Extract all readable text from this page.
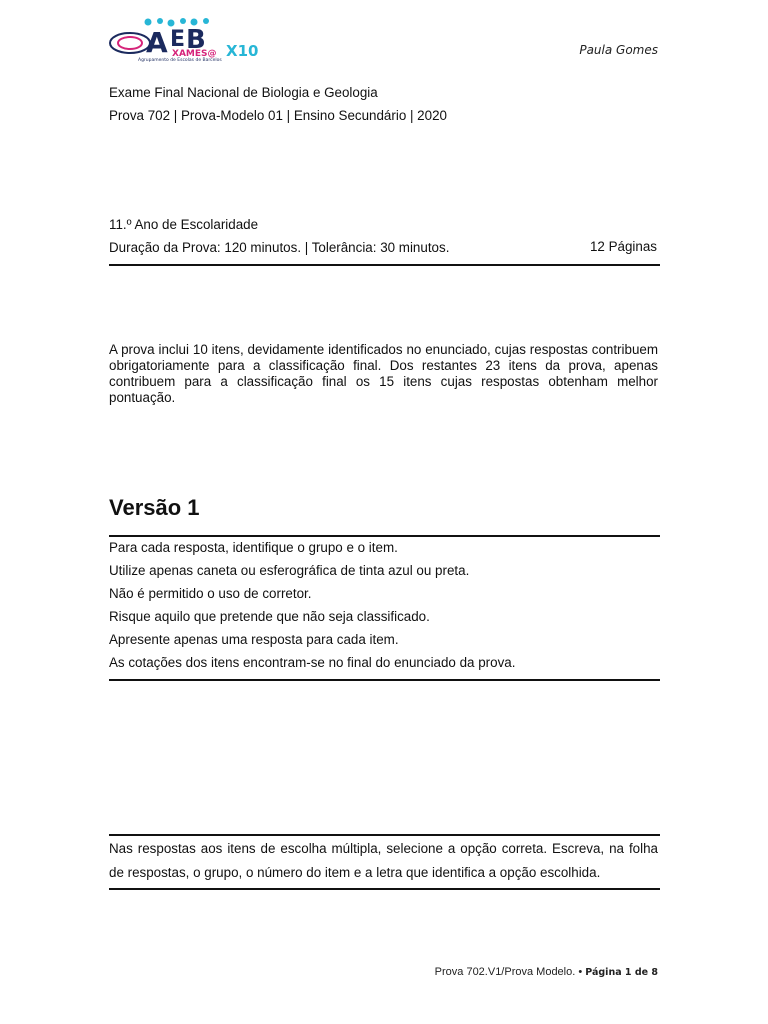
A E B
XAMES@ X10
Agrupamento de Escolas de Barcelos
Paula Gomes
Exame Final Nacional de Biologia e Geologia
Prova 702 | Prova-Modelo 01 | Ensino Secundário | 2020
11.º Ano de Escolaridade
Duração da Prova: 120 minutos. | Tolerância: 30 minutos.	12 Páginas
A prova inclui 10 itens, devidamente identificados no enunciado, cujas respostas contribuem obrigatoriamente para a classificação final. Dos restantes 23 itens da prova, apenas contribuem para a classificação final os 15 itens cujas respostas obtenham melhor pontuação.
Versão 1
Para cada resposta, identifique o grupo e o item.
Utilize apenas caneta ou esferográfica de tinta azul ou preta.
Não é permitido o uso de corretor.
Risque aquilo que pretende que não seja classificado.
Apresente apenas uma resposta para cada item.
As cotações dos itens encontram-se no final do enunciado da prova.
Nas respostas aos itens de escolha múltipla, selecione a opção correta. Escreva, na folha de respostas, o grupo, o número do item e a letra que identifica a opção escolhida.
Prova 702.V1/Prova Modelo. • Página 1 de 8
